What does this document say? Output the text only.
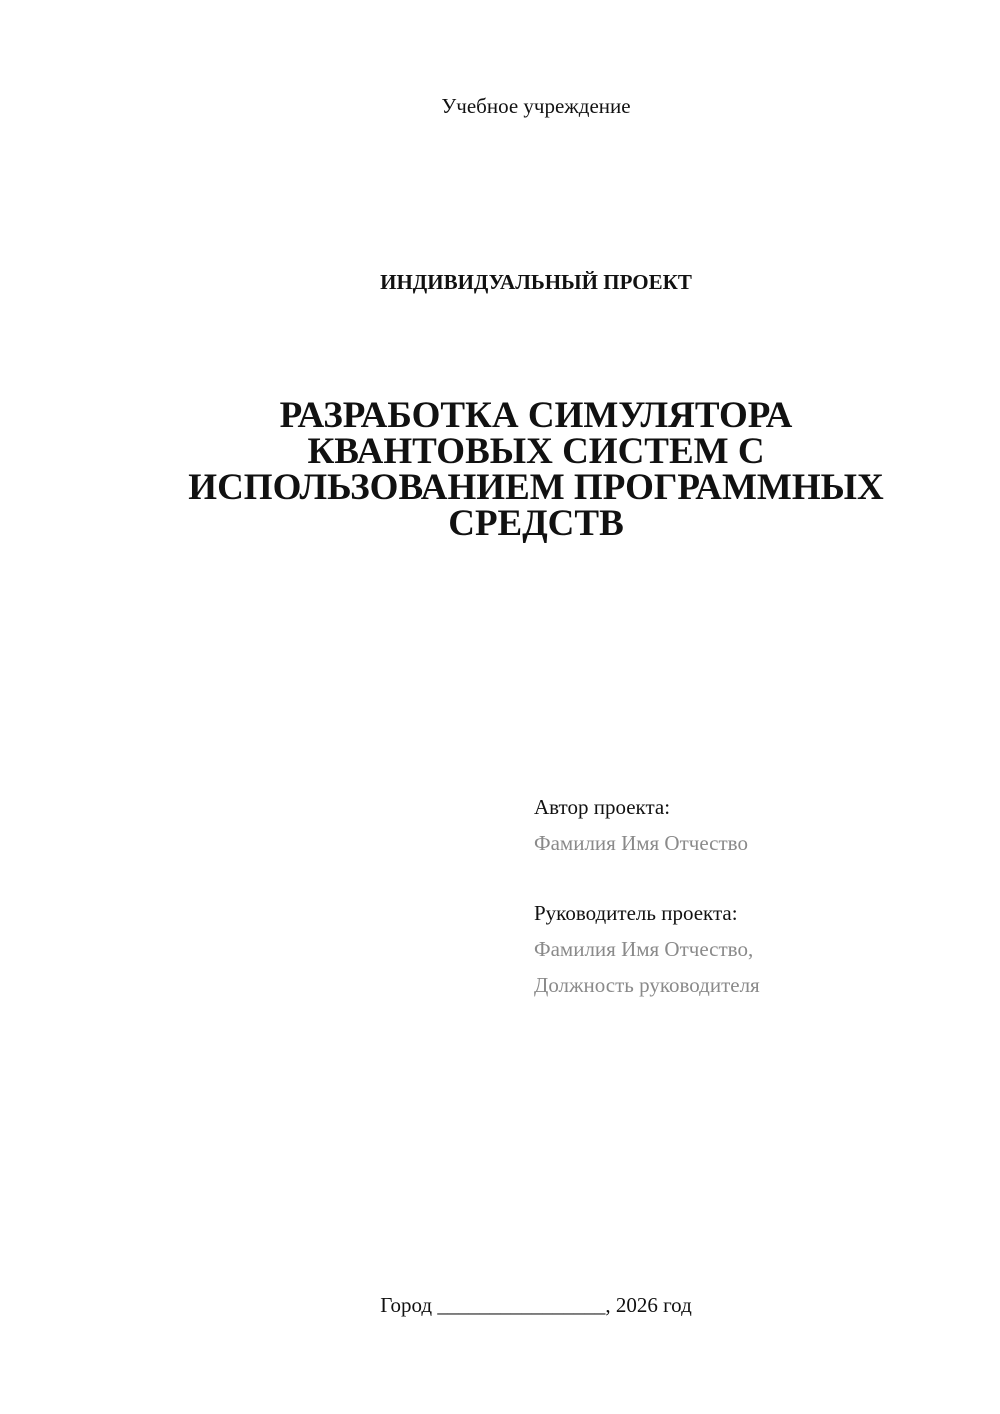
Учебное учреждение
ИНДИВИДУАЛЬНЫЙ ПРОЕКТ
РАЗРАБОТКА СИМУЛЯТОРА
КВАНТОВЫХ СИСТЕМ С
ИСПОЛЬЗОВАНИЕМ ПРОГРАММНЫХ
СРЕДСТВ
Автор проекта:
Фамилия Имя Отчество
Руководитель проекта:
Фамилия Имя Отчество,
Должность руководителя
Город ________________, 2026 год
